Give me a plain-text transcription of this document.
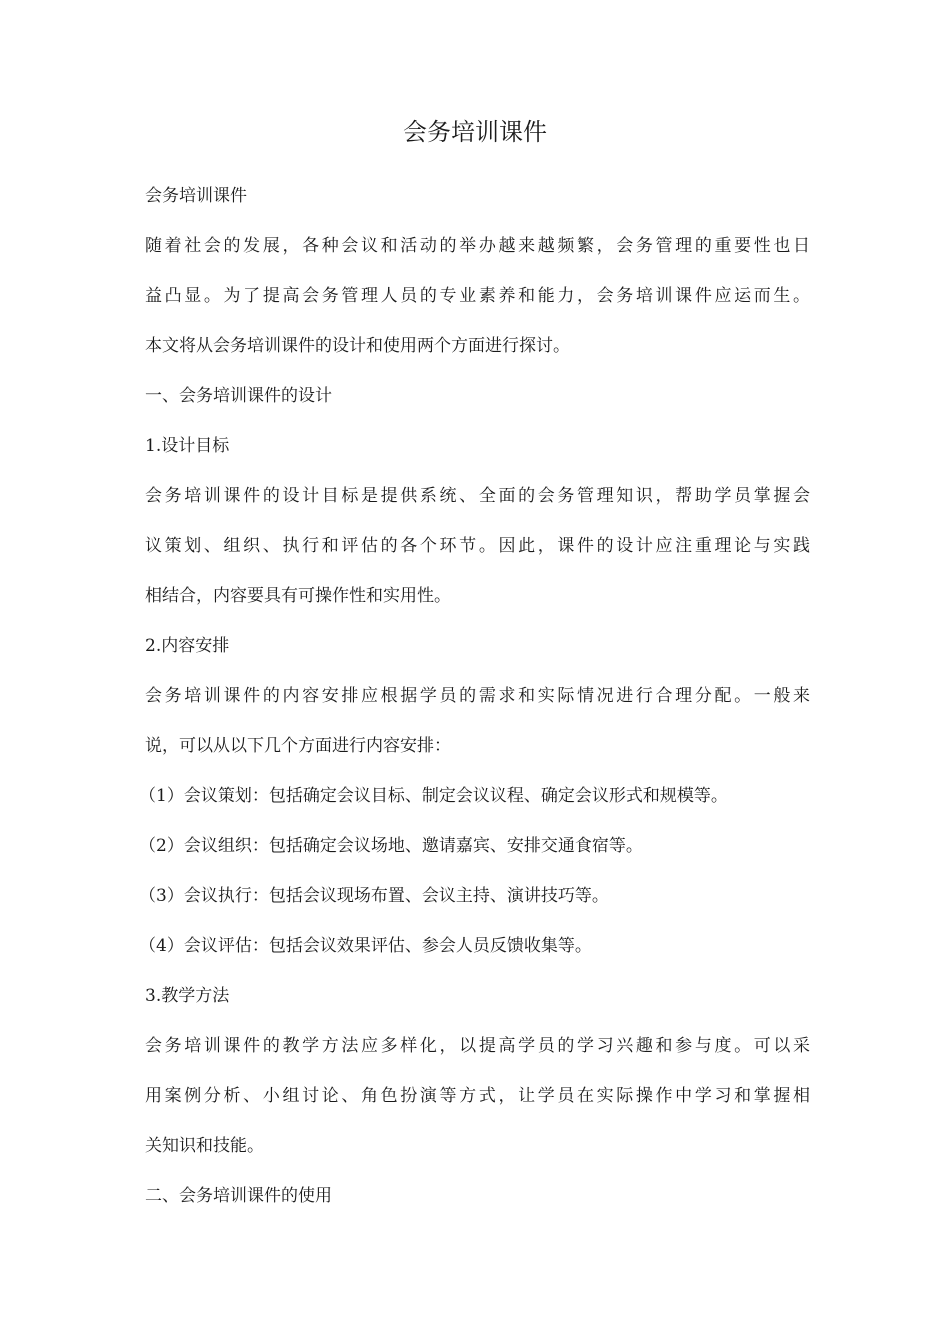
会务培训课件
会务培训课件
随着社会的发展，各种会议和活动的举办越来越频繁，会务管理的重要性也日
益凸显。为了提高会务管理人员的专业素养和能力，会务培训课件应运而生。
本文将从会务培训课件的设计和使用两个方面进行探讨。
一、会务培训课件的设计
1.设计目标
会务培训课件的设计目标是提供系统、全面的会务管理知识，帮助学员掌握会
议策划、组织、执行和评估的各个环节。因此，课件的设计应注重理论与实践
相结合，内容要具有可操作性和实用性。
2.内容安排
会务培训课件的内容安排应根据学员的需求和实际情况进行合理分配。一般来
说，可以从以下几个方面进行内容安排：
（1）会议策划：包括确定会议目标、制定会议议程、确定会议形式和规模等。
（2）会议组织：包括确定会议场地、邀请嘉宾、安排交通食宿等。
（3）会议执行：包括会议现场布置、会议主持、演讲技巧等。
（4）会议评估：包括会议效果评估、参会人员反馈收集等。
3.教学方法
会务培训课件的教学方法应多样化，以提高学员的学习兴趣和参与度。可以采
用案例分析、小组讨论、角色扮演等方式，让学员在实际操作中学习和掌握相
关知识和技能。
二、会务培训课件的使用
